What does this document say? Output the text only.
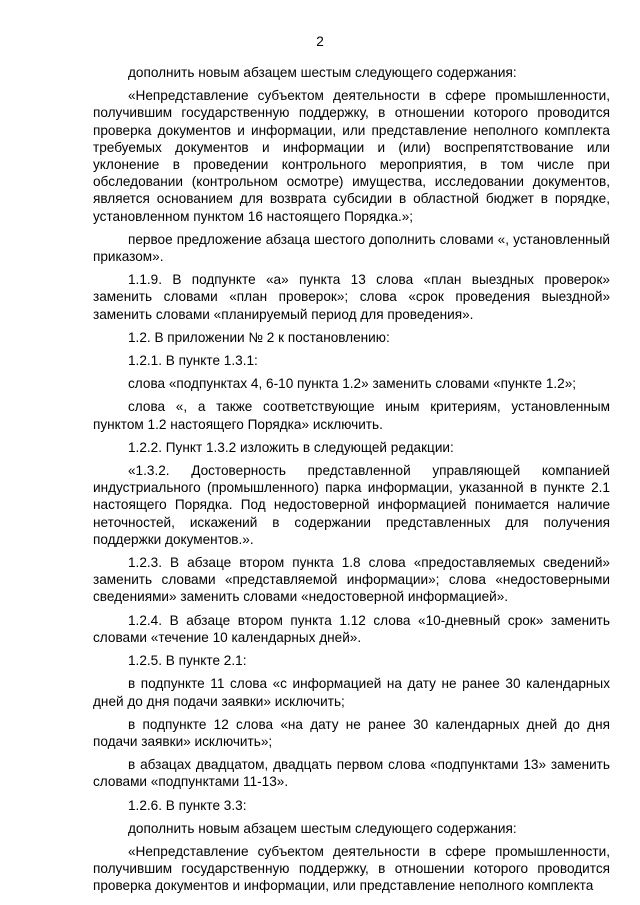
2

дополнить новым абзацем шестым следующего содержания:

«Непредставление субъектом деятельности в сфере промышленности, получившим государственную поддержку, в отношении которого проводится проверка документов и информации, или представление неполного комплекта требуемых документов и информации и (или) воспрепятствование или уклонение в проведении контрольного мероприятия, в том числе при обследовании (контрольном осмотре) имущества, исследовании документов, является основанием для возврата субсидии в областной бюджет в порядке, установленном пунктом 16 настоящего Порядка.»;

первое предложение абзаца шестого дополнить словами «, установленный приказом».

1.1.9. В подпункте «а» пункта 13 слова «план выездных проверок» заменить словами «план проверок»; слова «срок проведения выездной» заменить словами «планируемый период для проведения».

1.2. В приложении № 2 к постановлению:

1.2.1. В пункте 1.3.1:

слова «подпунктах 4, 6-10 пункта 1.2» заменить словами «пункте 1.2»;

слова «, а также соответствующие иным критериям, установленным пунктом 1.2 настоящего Порядка» исключить.

1.2.2. Пункт 1.3.2 изложить в следующей редакции:

«1.3.2. Достоверность представленной управляющей компанией индустриального (промышленного) парка информации, указанной в пункте 2.1 настоящего Порядка. Под недостоверной информацией понимается наличие неточностей, искажений в содержании представленных для получения поддержки документов.».

1.2.3. В абзаце втором пункта 1.8 слова «предоставляемых сведений» заменить словами «представляемой информации»; слова «недостоверными сведениями» заменить словами «недостоверной информацией».

1.2.4. В абзаце втором пункта 1.12 слова «10-дневный срок» заменить словами «течение 10 календарных дней».

1.2.5. В пункте 2.1:

в подпункте 11 слова «с информацией на дату не ранее 30 календарных дней до дня подачи заявки» исключить;

в подпункте 12 слова «на дату не ранее 30 календарных дней до дня подачи заявки» исключить»;

в абзацах двадцатом, двадцать первом слова «подпунктами 13» заменить словами «подпунктами 11-13».

1.2.6. В пункте 3.3:

дополнить новым абзацем шестым следующего содержания:

«Непредставление субъектом деятельности в сфере промышленности, получившим государственную поддержку, в отношении которого проводится проверка документов и информации, или представление неполного комплекта
